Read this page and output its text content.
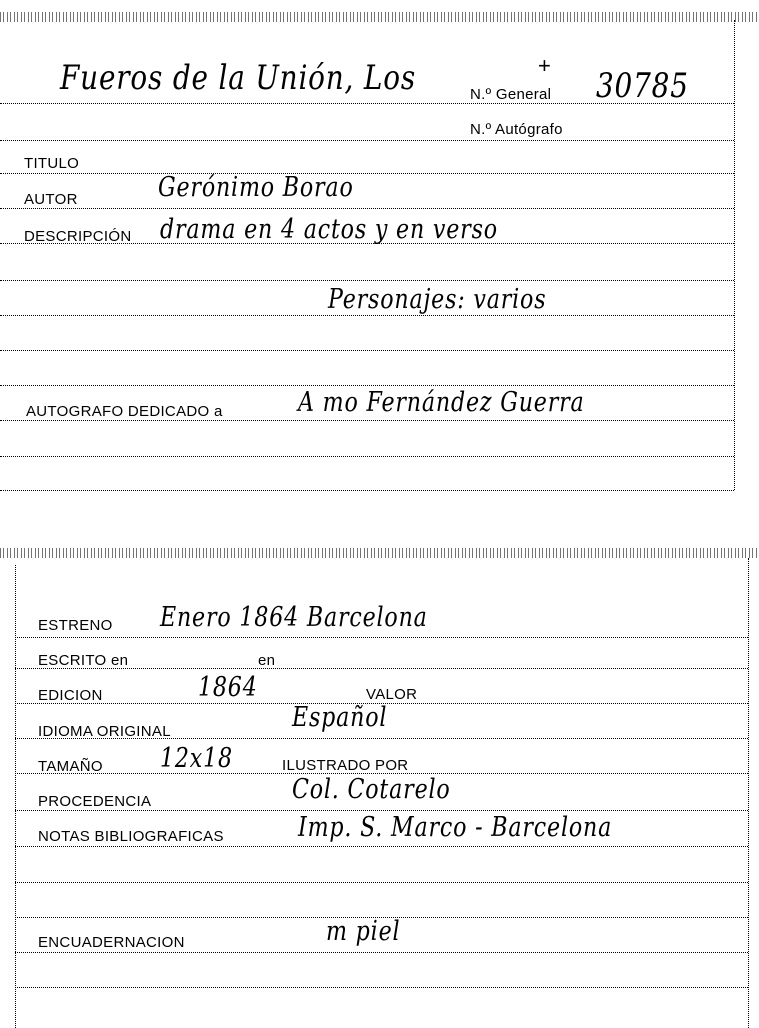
Fueros de la Unión, Los	+
N.º General 30785
N.º Autógrafo
TITULO
AUTOR	Gerónimo Borao
DESCRIPCIÓN drama en 4 actos y en verso
Personajes: varios
AUTOGRAFO DEDICADO a	A mo Fernández Guerra
ESTRENO Enero 1864 Barcelona
ESCRITO en	en
EDICION	1864	VALOR
IDIOMA ORIGINAL	Español
TAMAÑO 12x18	ILUSTRADO POR
PROCEDENCIA	Col. Cotarelo
NOTAS BIBLIOGRAFICAS	Imp. S. Marco - Barcelona
ENCUADERNACION	m piel
